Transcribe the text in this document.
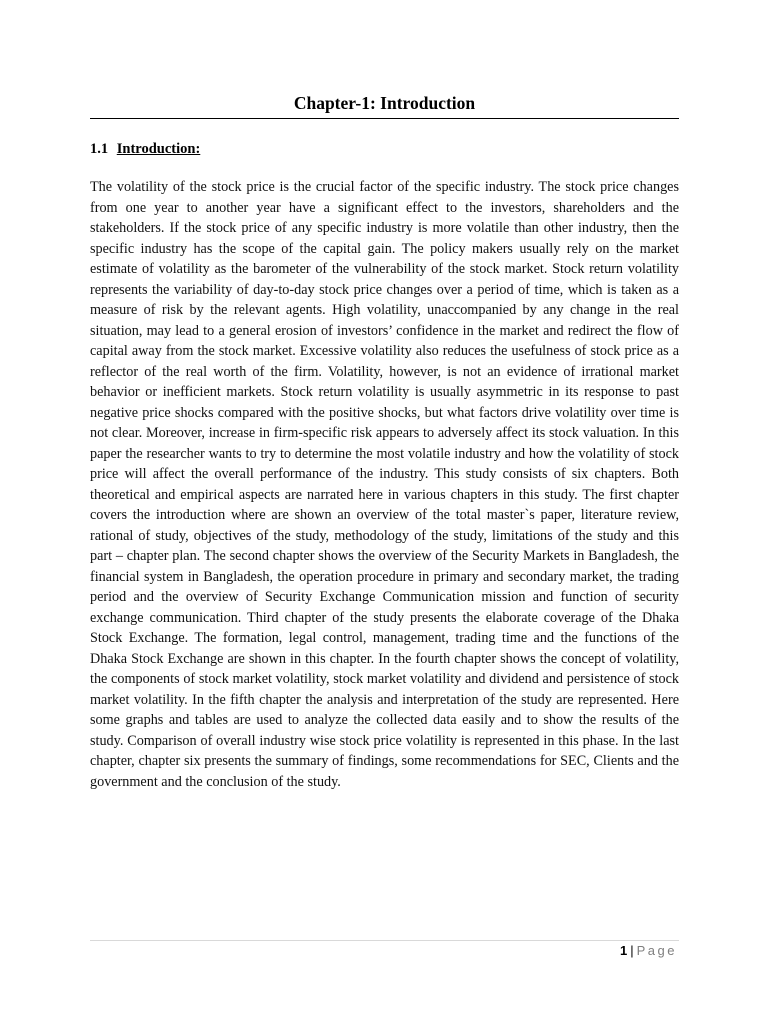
Chapter-1: Introduction
1.1 Introduction:

The volatility of the stock price is the crucial factor of the specific industry. The stock price changes from one year to another year have a significant effect to the investors, shareholders and the stakeholders. If the stock price of any specific industry is more volatile than other industry, then the specific industry has the scope of the capital gain. The policy makers usually rely on the market estimate of volatility as the barometer of the vulnerability of the stock market. Stock return volatility represents the variability of day-to-day stock price changes over a period of time, which is taken as a measure of risk by the relevant agents. High volatility, unaccompanied by any change in the real situation, may lead to a general erosion of investors’ confidence in the market and redirect the flow of capital away from the stock market. Excessive volatility also reduces the usefulness of stock price as a reflector of the real worth of the firm. Volatility, however, is not an evidence of irrational market behavior or inefficient markets. Stock return volatility is usually asymmetric in its response to past negative price shocks compared with the positive shocks, but what factors drive volatility over time is not clear. Moreover, increase in firm-specific risk appears to adversely affect its stock valuation. In this paper the researcher wants to try to determine the most volatile industry and how the volatility of stock price will affect the overall performance of the industry. This study consists of six chapters. Both theoretical and empirical aspects are narrated here in various chapters in this study. The first chapter covers the introduction where are shown an overview of the total master`s paper, literature review, rational of study, objectives of the study, methodology of the study, limitations of the study and this part – chapter plan. The second chapter shows the overview of the Security Markets in Bangladesh, the financial system in Bangladesh, the operation procedure in primary and secondary market, the trading period and the overview of Security Exchange Communication mission and function of security exchange communication. Third chapter of the study presents the elaborate coverage of the Dhaka Stock Exchange. The formation, legal control, management, trading time and the functions of the Dhaka Stock Exchange are shown in this chapter. In the fourth chapter shows the concept of volatility, the components of stock market volatility, stock market volatility and dividend and persistence of stock market volatility. In the fifth chapter the analysis and interpretation of the study are represented. Here some graphs and tables are used to analyze the collected data easily and to show the results of the study. Comparison of overall industry wise stock price volatility is represented in this phase. In the last chapter, chapter six presents the summary of findings, some recommendations for SEC, Clients and the government and the conclusion of the study.

1 | Page
